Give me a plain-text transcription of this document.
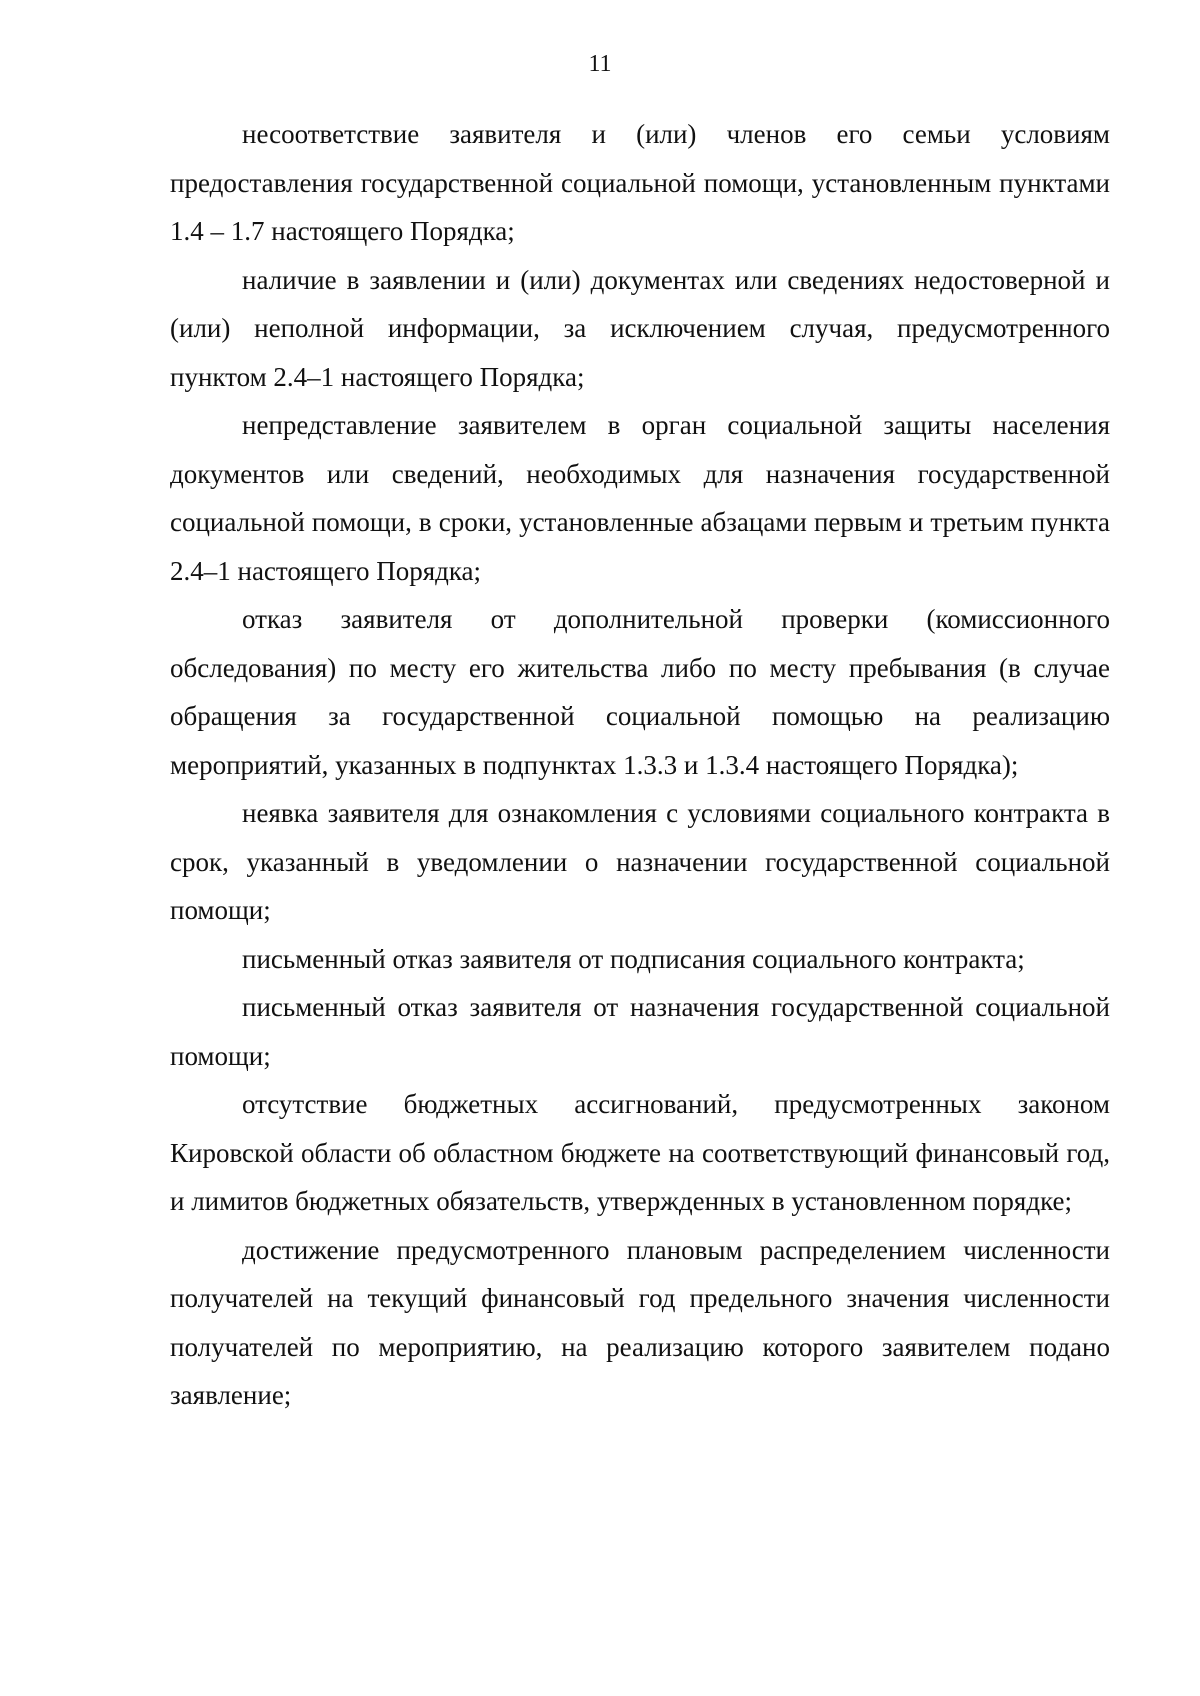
11

несоответствие заявителя и (или) членов его семьи условиям предоставления государственной социальной помощи, установленным пунктами 1.4 – 1.7 настоящего Порядка;

наличие в заявлении и (или) документах или сведениях недостоверной и (или) неполной информации, за исключением случая, предусмотренного пунктом 2.4–1 настоящего Порядка;

непредставление заявителем в орган социальной защиты населения документов или сведений, необходимых для назначения государственной социальной помощи, в сроки, установленные абзацами первым и третьим пункта 2.4–1 настоящего Порядка;

отказ заявителя от дополнительной проверки (комиссионного обследования) по месту его жительства либо по месту пребывания (в случае обращения за государственной социальной помощью на реализацию мероприятий, указанных в подпунктах 1.3.3 и 1.3.4 настоящего Порядка);

неявка заявителя для ознакомления с условиями социального контракта в срок, указанный в уведомлении о назначении государственной социальной помощи;

письменный отказ заявителя от подписания социального контракта;

письменный отказ заявителя от назначения государственной социальной помощи;

отсутствие бюджетных ассигнований, предусмотренных законом Кировской области об областном бюджете на соответствующий финансовый год, и лимитов бюджетных обязательств, утвержденных в установленном порядке;

достижение предусмотренного плановым распределением численности получателей на текущий финансовый год предельного значения численности получателей по мероприятию, на реализацию которого заявителем подано заявление;
